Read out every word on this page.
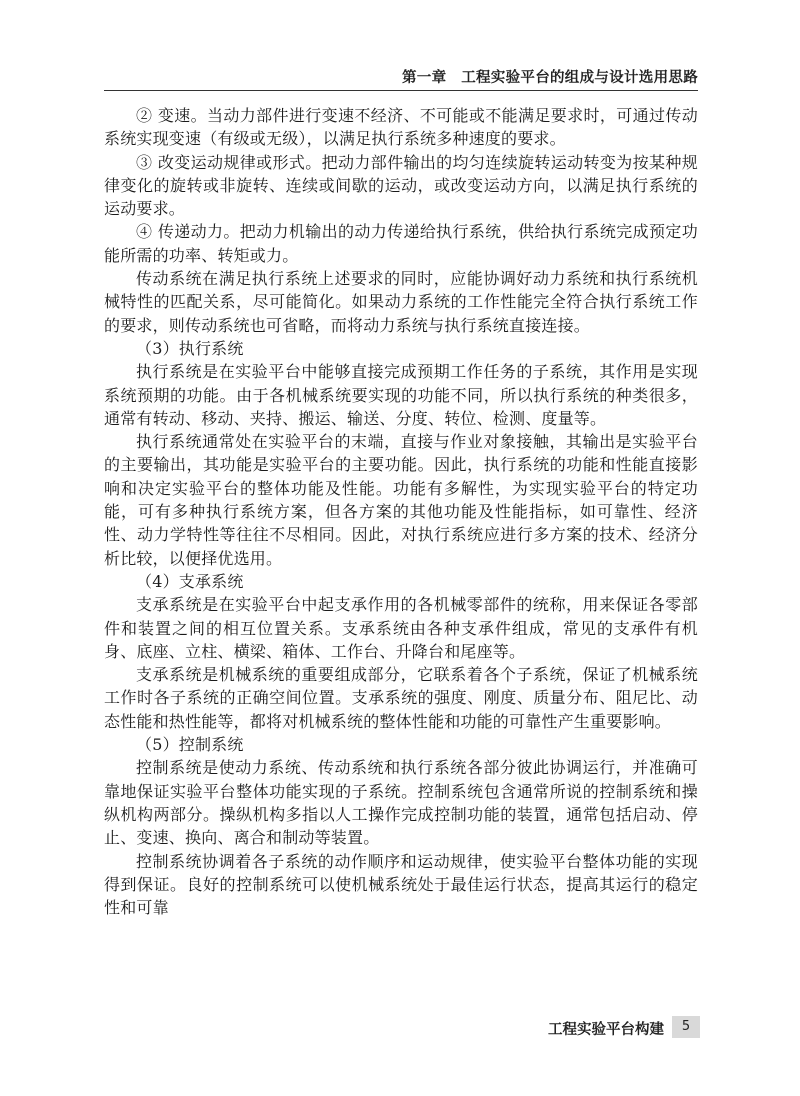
第一章　工程实验平台的组成与设计选用思路

② 变速。当动力部件进行变速不经济、不可能或不能满足要求时，可通过传动系统实现变速（有级或无级），以满足执行系统多种速度的要求。

③ 改变运动规律或形式。把动力部件输出的均匀连续旋转运动转变为按某种规律变化的旋转或非旋转、连续或间歇的运动，或改变运动方向，以满足执行系统的运动要求。

④ 传递动力。把动力机输出的动力传递给执行系统，供给执行系统完成预定功能所需的功率、转矩或力。

传动系统在满足执行系统上述要求的同时，应能协调好动力系统和执行系统机械特性的匹配关系，尽可能简化。如果动力系统的工作性能完全符合执行系统工作的要求，则传动系统也可省略，而将动力系统与执行系统直接连接。

（3）执行系统

执行系统是在实验平台中能够直接完成预期工作任务的子系统，其作用是实现系统预期的功能。由于各机械系统要实现的功能不同，所以执行系统的种类很多，通常有转动、移动、夹持、搬运、输送、分度、转位、检测、度量等。

执行系统通常处在实验平台的末端，直接与作业对象接触，其输出是实验平台的主要输出，其功能是实验平台的主要功能。因此，执行系统的功能和性能直接影响和决定实验平台的整体功能及性能。功能有多解性，为实现实验平台的特定功能，可有多种执行系统方案，但各方案的其他功能及性能指标，如可靠性、经济性、动力学特性等往往不尽相同。因此，对执行系统应进行多方案的技术、经济分析比较，以便择优选用。

（4）支承系统

支承系统是在实验平台中起支承作用的各机械零部件的统称，用来保证各零部件和装置之间的相互位置关系。支承系统由各种支承件组成，常见的支承件有机身、底座、立柱、横梁、箱体、工作台、升降台和尾座等。

支承系统是机械系统的重要组成部分，它联系着各个子系统，保证了机械系统工作时各子系统的正确空间位置。支承系统的强度、刚度、质量分布、阻尼比、动态性能和热性能等，都将对机械系统的整体性能和功能的可靠性产生重要影响。

（5）控制系统

控制系统是使动力系统、传动系统和执行系统各部分彼此协调运行，并准确可靠地保证实验平台整体功能实现的子系统。控制系统包含通常所说的控制系统和操纵机构两部分。操纵机构多指以人工操作完成控制功能的装置，通常包括启动、停止、变速、换向、离合和制动等装置。

控制系统协调着各子系统的动作顺序和运动规律，使实验平台整体功能的实现得到保证。良好的控制系统可以使机械系统处于最佳运行状态，提高其运行的稳定性和可靠

工程实验平台构建	5
